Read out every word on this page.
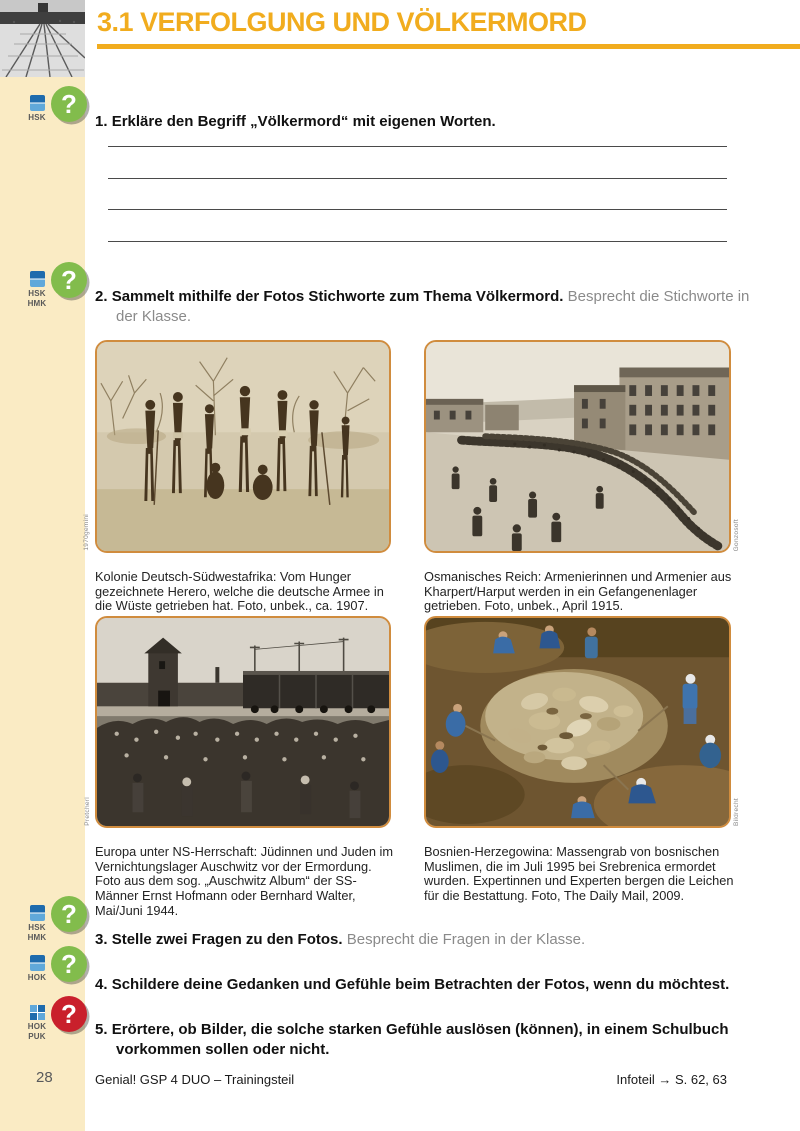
3.1 VERFOLGUNG UND VÖLKERMORD
HSK ?

1. Erkläre den Begriff „Völkermord“ mit eigenen Worten.

HSK
HMK
?

2. Sammelt mithilfe der Fotos Stichworte zum Thema Völkermord. Besprecht die Stichworte in der Klasse.

Kolonie Deutsch-Südwestafrika: Vom Hunger gezeichnete Herero, welche die deutsche Armee in die Wüste getrieben hat. Foto, unbek., ca. 1907.

Osmanisches Reich: Armenierinnen und Armenier aus Kharpert/Harput werden in ein Gefangenenlager getrieben. Foto, unbek., April 1915.

1970gemini	Gonzosoft

Europa unter NS-Herrschaft: Jüdinnen und Juden im Vernichtungslager Auschwitz vor der Ermordung. Foto aus dem sog. „Auschwitz Album“ der SS-Männer Ernst Hofmann oder Bernhard Walter, Mai/Juni 1944.

Bosnien-Herzegowina: Massengrab von bosnischen Muslimen, die im Juli 1995 bei Srebrenica ermordet wurden. Expertinnen und Experten bergen die Leichen für die Bestattung. Foto, The Daily Mail, 2009.

Pretcherl	Bildrecht
HSK
HMK
?

3. Stelle zwei Fragen zu den Fotos. Besprecht die Fragen in der Klasse.

HOK ?

4. Schildere deine Gedanken und Gefühle beim Betrachten der Fotos, wenn du möchtest.

HOK
PUK
?

5. Erörtere, ob Bilder, die solche starken Gefühle auslösen (können), in einem Schulbuch vorkommen sollen oder nicht.

28	Genial! GSP 4 DUO – Trainingsteil	Infoteil → S. 62, 63
